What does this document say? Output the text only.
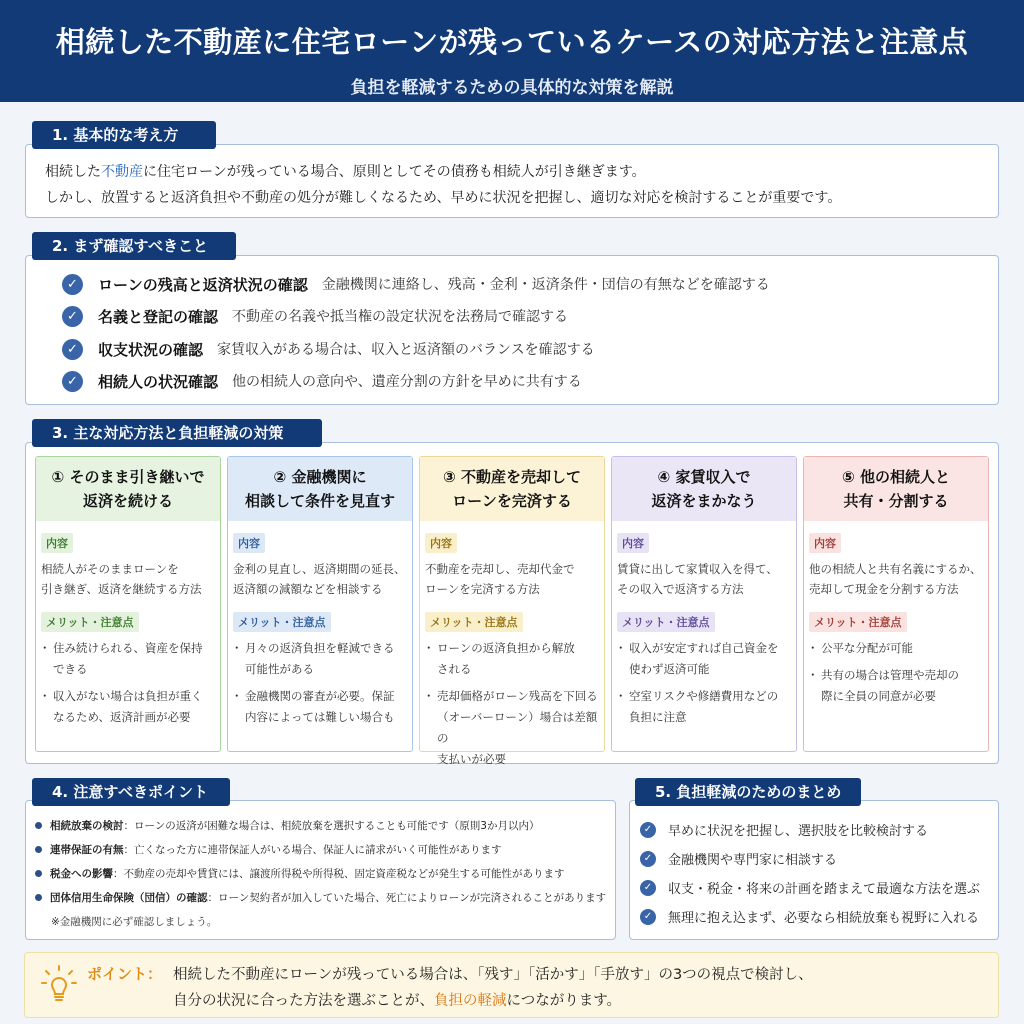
相続した不動産に住宅ローンが残っているケースの対応方法と注意点
負担を軽減するための具体的な対策を解説
1. 基本的な考え方
相続した不動産に住宅ローンが残っている場合、原則としてその債務も相続人が引き継ぎます。
しかし、放置すると返済負担や不動産の処分が難しくなるため、早めに状況を把握し、適切な対応を検討することが重要です。
2. まず確認すべきこと
✓	ローンの残高と返済状況の確認 金融機関に連絡し、残高・金利・返済条件・団信の有無などを確認する
✓	名義と登記の確認 不動産の名義や抵当権の設定状況を法務局で確認する
✓	収支状況の確認 家賃収入がある場合は、収入と返済額のバランスを確認する
✓	相続人の状況確認 他の相続人の意向や、遺産分割の方針を早めに共有する
3. 主な対応方法と負担軽減の対策
① そのまま引き継いで
返済を続ける
内容
相続人がそのままローンを
引き継ぎ、返済を継続する方法
メリット・注意点
・ 住み続けられる、資産を保持
できる
・ 収入がない場合は負担が重く
なるため、返済計画が必要
② 金融機関に
相談して条件を見直す
内容
金利の見直し、返済期間の延長、
返済額の減額などを相談する
メリット・注意点
・ 月々の返済負担を軽減できる
可能性がある
・ 金融機関の審査が必要。保証
内容によっては難しい場合も
③ 不動産を売却して
ローンを完済する
内容
不動産を売却し、売却代金で
ローンを完済する方法
メリット・注意点
・ ローンの返済負担から解放
される
・ 売却価格がローン残高を下回る
（オーバーローン）場合は差額の
支払いが必要
④ 家賃収入で
返済をまかなう
内容
賃貸に出して家賃収入を得て、
その収入で返済する方法
メリット・注意点
・ 収入が安定すれば自己資金を
使わず返済可能
・ 空室リスクや修繕費用などの
負担に注意
⑤ 他の相続人と
共有・分割する
内容
他の相続人と共有名義にするか、
売却して現金を分割する方法
メリット・注意点
・ 公平な分配が可能
・ 共有の場合は管理や売却の
際に全員の同意が必要
4. 注意すべきポイント
相続放棄の検討 ：ローンの返済が困難な場合は、相続放棄を選択することも可能です（原則3か月以内）
連帯保証の有無 ：亡くなった方に連帯保証人がいる場合、保証人に請求がいく可能性があります
税金への影響 ：不動産の売却や賃貸には、譲渡所得税や所得税、固定資産税などが発生する可能性があります
団体信用生命保険（団信）の確認 ：ローン契約者が加入していた場合、死亡によりローンが完済されることがあります
※金融機関に必ず確認しましょう。
5. 負担軽減のためのまとめ
✓ 早めに状況を把握し、選択肢を比較検討する
✓ 金融機関や専門家に相談する
✓ 収支・税金・将来の計画を踏まえて最適な方法を選ぶ
✓ 無理に抱え込まず、必要なら相続放棄も視野に入れる
ポイント： 相続した不動産にローンが残っている場合は、「残す」「活かす」「手放す」の3つの視点で検討し、
自分の状況に合った方法を選ぶことが、負担の軽減につながります。
